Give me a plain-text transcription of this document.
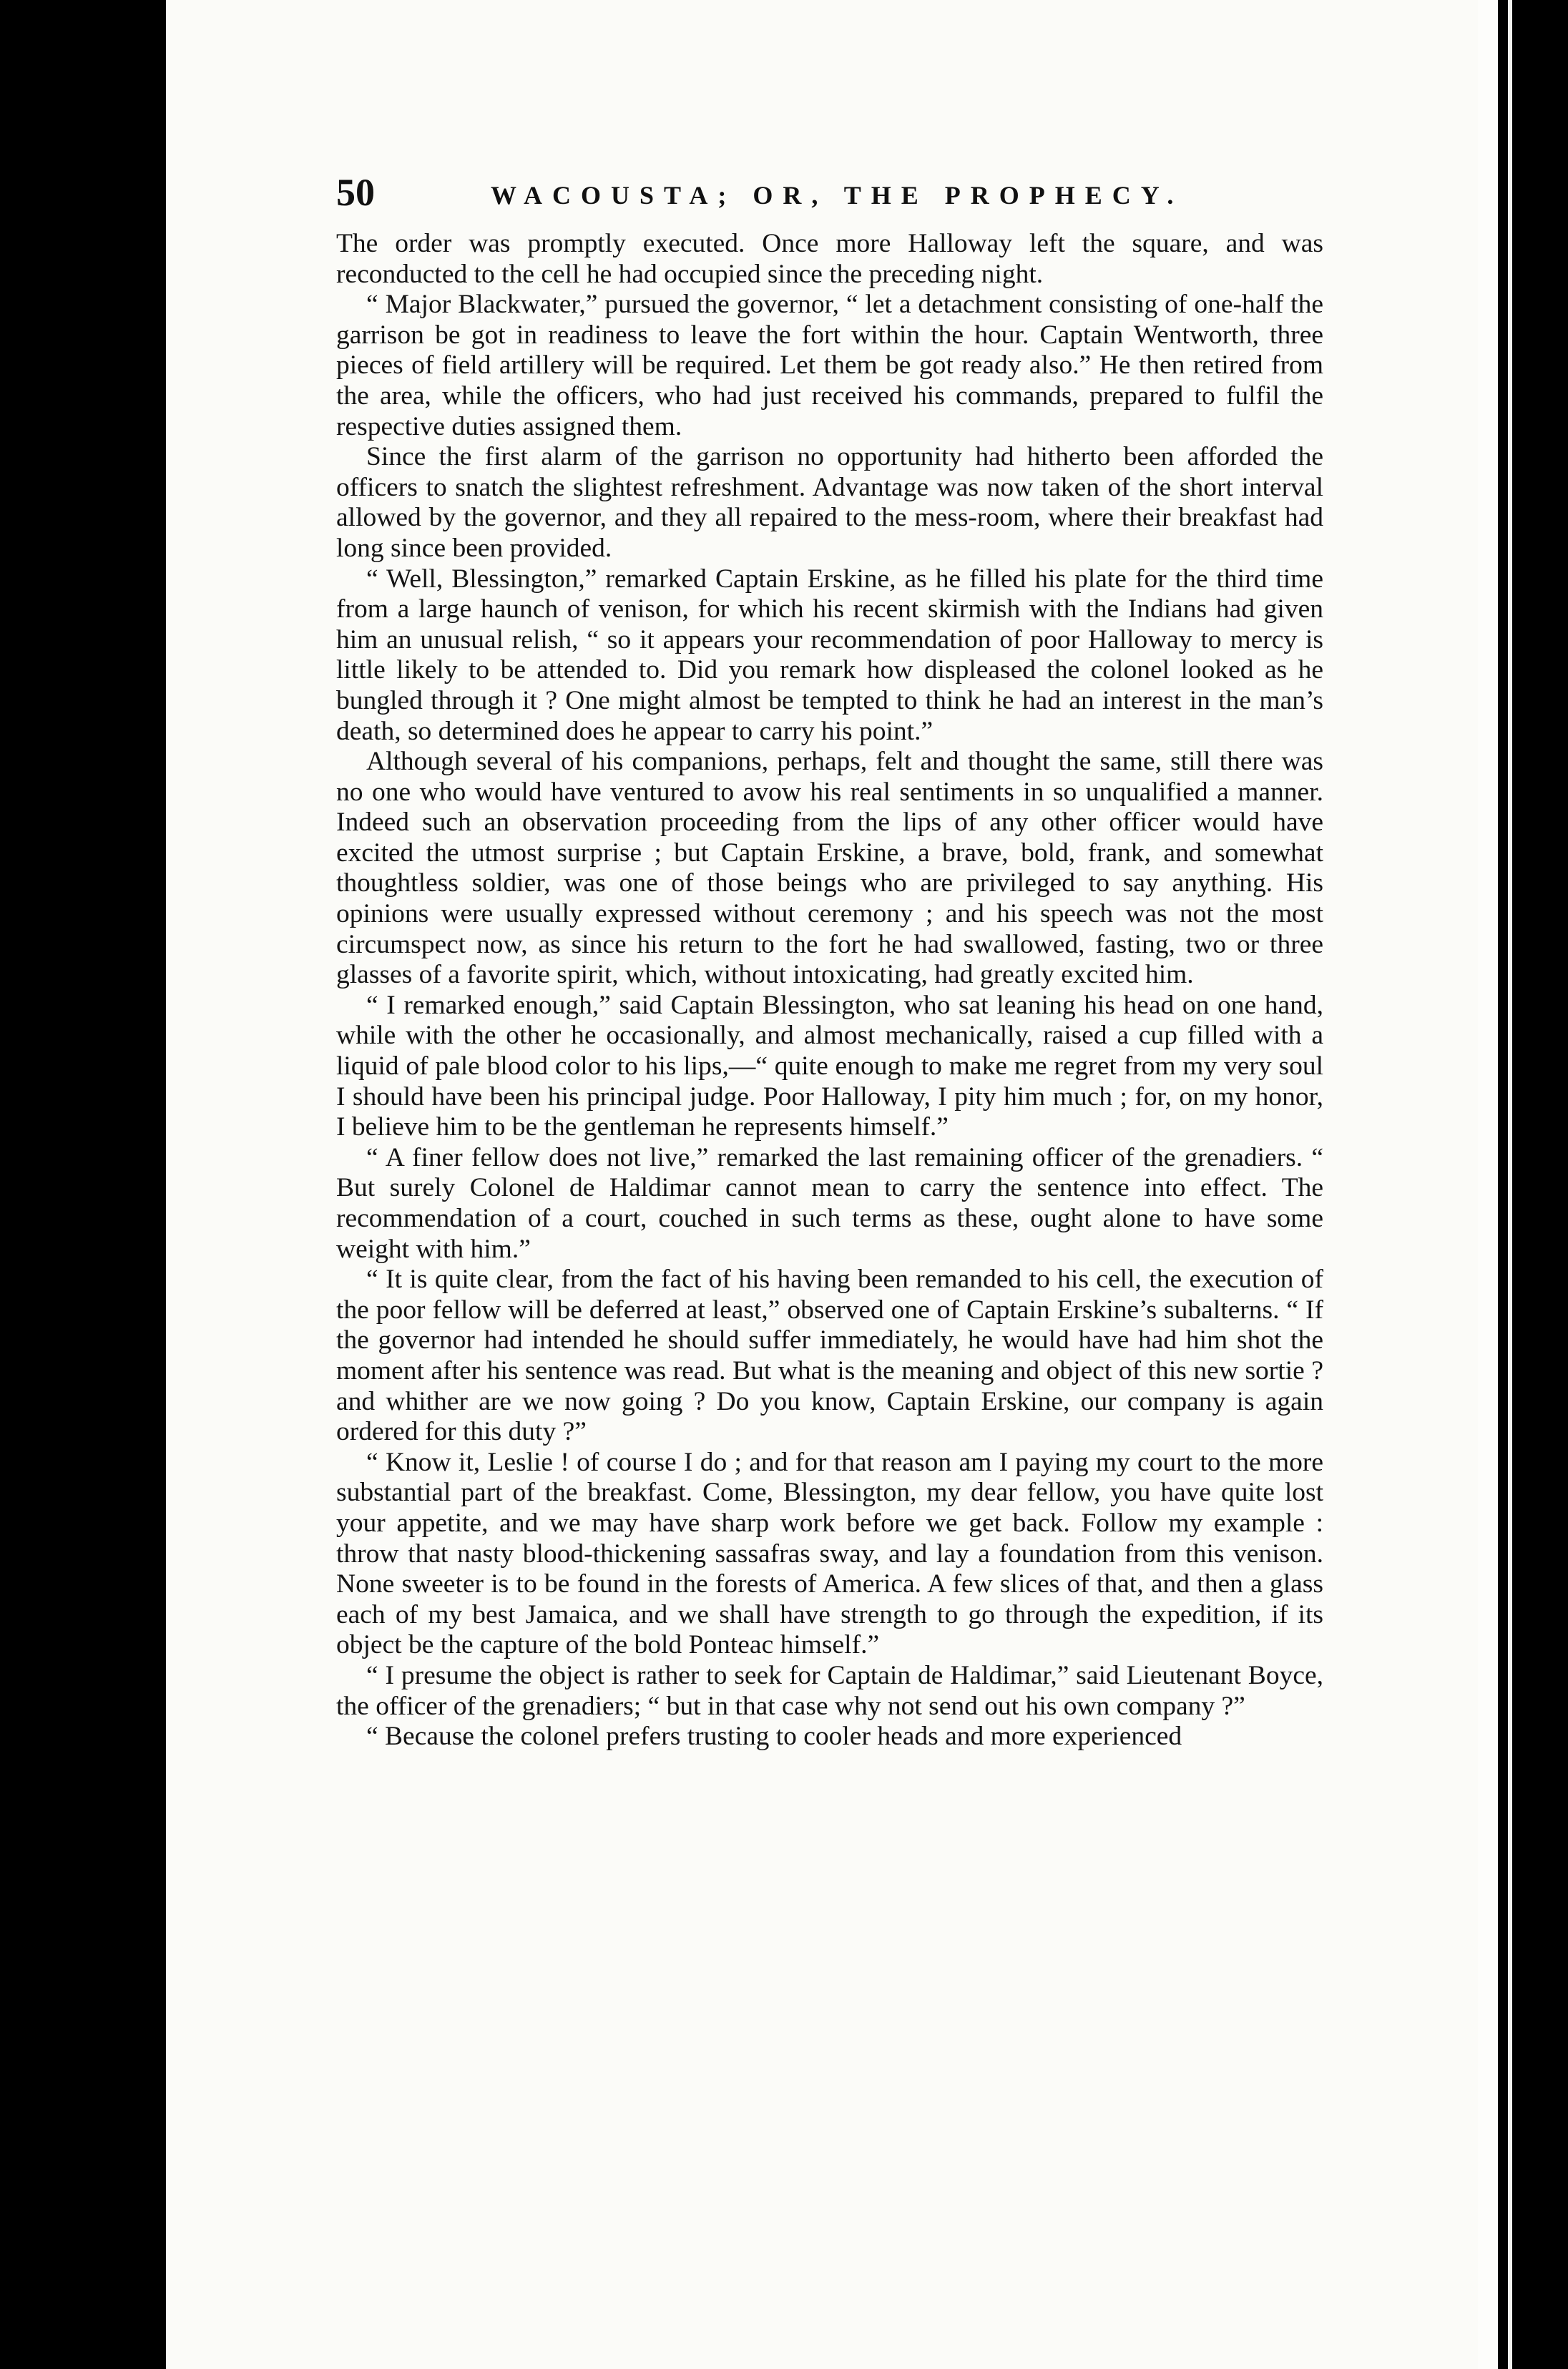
50	WACOUSTA; OR, THE PROPHECY.

The order was promptly executed. Once more Halloway left the square, and was reconducted to the cell he had occupied since the preceding night.

“ Major Blackwater,” pursued the governor, “ let a detachment consisting of one-half the garrison be got in readiness to leave the fort within the hour. Captain Wentworth, three pieces of field artillery will be required. Let them be got ready also.” He then retired from the area, while the officers, who had just received his commands, prepared to fulfil the respective duties assigned them.

Since the first alarm of the garrison no opportunity had hitherto been afforded the officers to snatch the slightest refreshment. Advantage was now taken of the short interval allowed by the governor, and they all repaired to the mess-room, where their breakfast had long since been provided.

“ Well, Blessington,” remarked Captain Erskine, as he filled his plate for the third time from a large haunch of venison, for which his recent skirmish with the Indians had given him an unusual relish, “ so it appears your recommendation of poor Halloway to mercy is little likely to be attended to. Did you remark how displeased the colonel looked as he bungled through it ? One might almost be tempted to think he had an interest in the man’s death, so determined does he appear to carry his point.”

Although several of his companions, perhaps, felt and thought the same, still there was no one who would have ventured to avow his real sentiments in so unqualified a manner. Indeed such an observation proceeding from the lips of any other officer would have excited the utmost surprise ; but Captain Erskine, a brave, bold, frank, and somewhat thoughtless soldier, was one of those beings who are privileged to say anything. His opinions were usually expressed without ceremony ; and his speech was not the most circumspect now, as since his return to the fort he had swallowed, fasting, two or three glasses of a favorite spirit, which, without intoxicating, had greatly excited him.

“ I remarked enough,” said Captain Blessington, who sat leaning his head on one hand, while with the other he occasionally, and almost mechanically, raised a cup filled with a liquid of pale blood color to his lips,—“ quite enough to make me regret from my very soul I should have been his principal judge. Poor Halloway, I pity him much ; for, on my honor, I believe him to be the gentleman he represents himself.”

“ A finer fellow does not live,” remarked the last remaining officer of the grenadiers. “ But surely Colonel de Haldimar cannot mean to carry the sentence into effect. The recommendation of a court, couched in such terms as these, ought alone to have some weight with him.”

“ It is quite clear, from the fact of his having been remanded to his cell, the execution of the poor fellow will be deferred at least,” observed one of Captain Erskine’s subalterns. “ If the governor had intended he should suffer immediately, he would have had him shot the moment after his sentence was read. But what is the meaning and object of this new sortie ? and whither are we now going ? Do you know, Captain Erskine, our company is again ordered for this duty ?”

“ Know it, Leslie ! of course I do ; and for that reason am I paying my court to the more substantial part of the breakfast. Come, Blessington, my dear fellow, you have quite lost your appetite, and we may have sharp work before we get back. Follow my example : throw that nasty blood-thickening sassafras sway, and lay a foundation from this venison. None sweeter is to be found in the forests of America. A few slices of that, and then a glass each of my best Jamaica, and we shall have strength to go through the expedition, if its object be the capture of the bold Ponteac himself.”

“ I presume the object is rather to seek for Captain de Haldimar,” said Lieutenant Boyce, the officer of the grenadiers; “ but in that case why not send out his own company ?”

“ Because the colonel prefers trusting to cooler heads and more experienced
